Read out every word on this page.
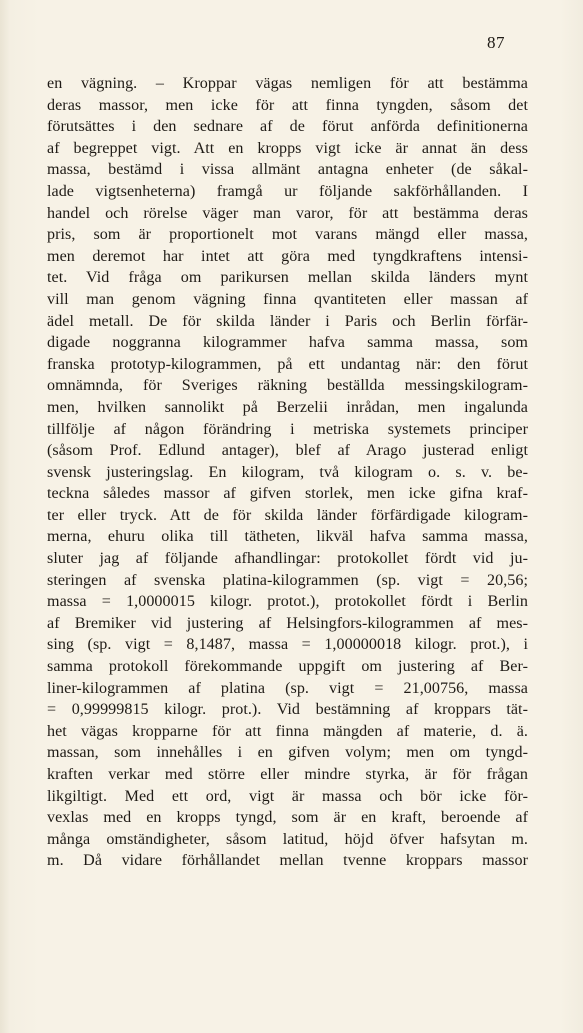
87
en vägning. – Kroppar vägas nemligen för att bestämma
deras massor, men icke för att finna tyngden, såsom det
förutsättes i den sednare af de förut anförda definitionerna
af begreppet vigt. Att en kropps vigt icke är annat än dess
massa, bestämd i vissa allmänt antagna enheter (de såkal-
lade vigtsenheterna) framgå ur följande sakförhållanden. I
handel och rörelse väger man varor, för att bestämma deras
pris, som är proportionelt mot varans mängd eller massa,
men deremot har intet att göra med tyngdkraftens intensi-
tet. Vid fråga om parikursen mellan skilda länders mynt
vill man genom vägning finna qvantiteten eller massan af
ädel metall. De för skilda länder i Paris och Berlin förfär-
digade noggranna kilogrammer hafva samma massa, som
franska prototyp-kilogrammen, på ett undantag när: den förut
omnämnda, för Sveriges räkning beställda messingskilogram-
men, hvilken sannolikt på Berzelii inrådan, men ingalunda
tillfölje af någon förändring i metriska systemets principer
(såsom Prof. Edlund antager), blef af Arago justerad enligt
svensk justeringslag. En kilogram, två kilogram o. s. v. be-
teckna således massor af gifven storlek, men icke gifna kraf-
ter eller tryck. Att de för skilda länder förfärdigade kilogram-
merna, ehuru olika till tätheten, likväl hafva samma massa,
sluter jag af följande afhandlingar: protokollet fördt vid ju-
steringen af svenska platina-kilogrammen (sp. vigt = 20,56;
massa = 1,0000015 kilogr. protot.), protokollet fördt i Berlin
af Bremiker vid justering af Helsingfors-kilogrammen af mes-
sing (sp. vigt = 8,1487, massa = 1,00000018 kilogr. prot.), i
samma protokoll förekommande uppgift om justering af Ber-
liner-kilogrammen af platina (sp. vigt = 21,00756, massa
= 0,99999815 kilogr. prot.). Vid bestämning af kroppars tät-
het vägas kropparne för att finna mängden af materie, d. ä.
massan, som innehålles i en gifven volym; men om tyngd-
kraften verkar med större eller mindre styrka, är för frågan
likgiltigt. Med ett ord, vigt är massa och bör icke för-
vexlas med en kropps tyngd, som är en kraft, beroende af
många omständigheter, såsom latitud, höjd öfver hafsytan m.
m. Då vidare förhållandet mellan tvenne kroppars massor
